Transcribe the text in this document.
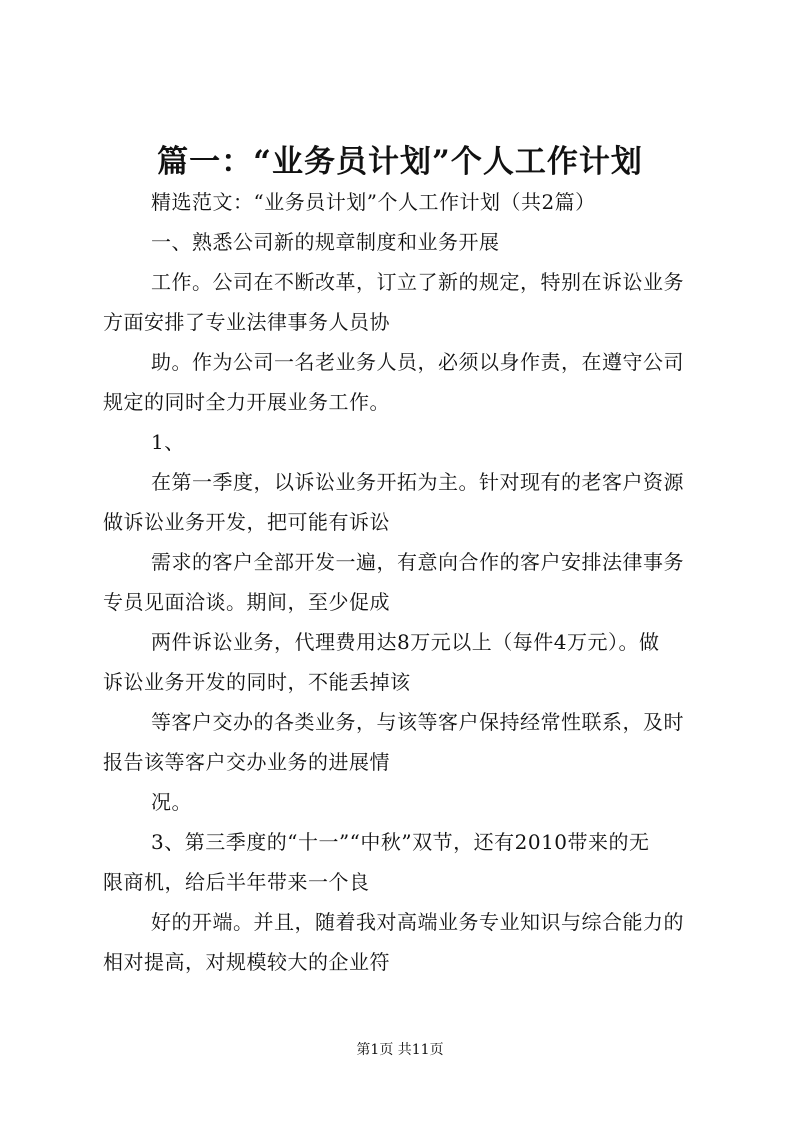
篇一：“业务员计划”个人工作计划
精选范文：“业务员计划”个人工作计划（共2篇）
一、熟悉公司新的规章制度和业务开展
工作。公司在不断改革，订立了新的规定，特别在诉讼业务
方面安排了专业法律事务人员协
助。作为公司一名老业务人员，必须以身作责，在遵守公司
规定的同时全力开展业务工作。
1、
在第一季度，以诉讼业务开拓为主。针对现有的老客户资源
做诉讼业务开发，把可能有诉讼
需求的客户全部开发一遍，有意向合作的客户安排法律事务
专员见面洽谈。期间，至少促成
两件诉讼业务，代理费用达8万元以上（每件4万元）。做
诉讼业务开发的同时，不能丢掉该
等客户交办的各类业务，与该等客户保持经常性联系，及时
报告该等客户交办业务的进展情
况。
3、第三季度的“十一”“中秋”双节，还有2010带来的无
限商机，给后半年带来一个良
好的开端。并且，随着我对高端业务专业知识与综合能力的
相对提高，对规模较大的企业符
第1页 共11页
